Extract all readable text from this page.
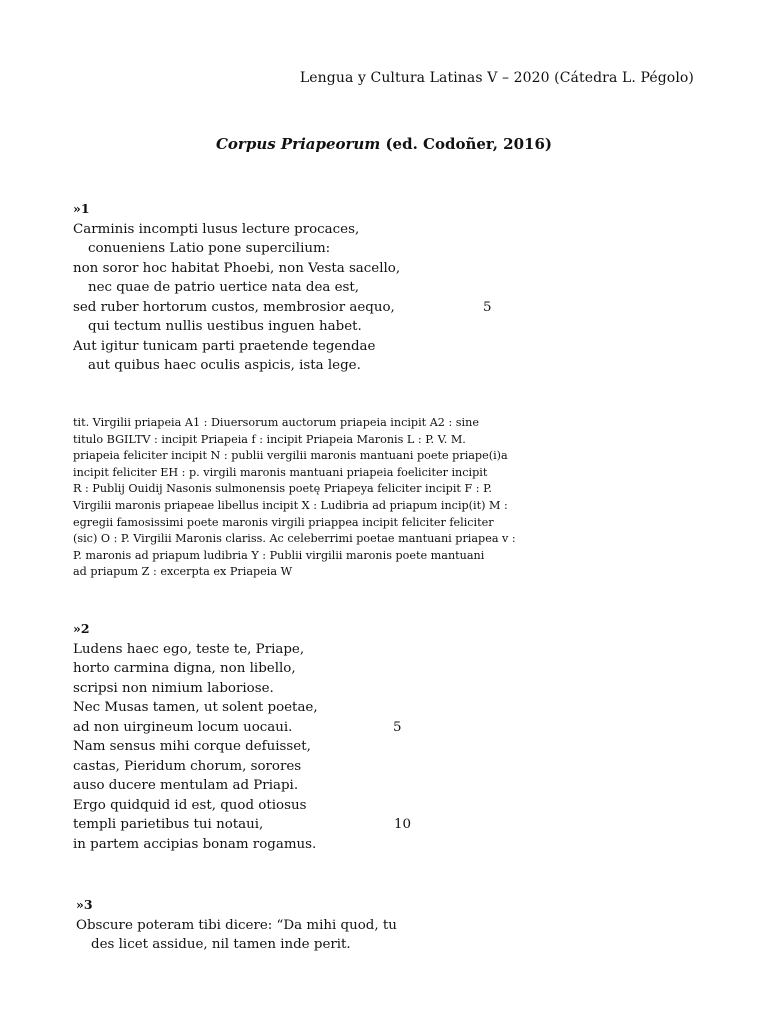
Lengua y Cultura Latinas V – 2020 (Cátedra L. Pégolo)
Corpus Priapeorum (ed. Codoñer, 2016)
»1
Carminis incompti lusus lecture procaces,
conueniens Latio pone supercilium:
non soror hoc habitat Phoebi, non Vesta sacello,
nec quae de patrio uertice nata dea est,
sed ruber hortorum custos, membrosior aequo,	5
qui tectum nullis uestibus inguen habet.
Aut igitur tunicam parti praetende tegendae
aut quibus haec oculis aspicis, ista lege.
tit. Virgilii priapeia A1 : Diuersorum auctorum priapeia incipit A2 : sine
titulo BGILTV : incipit Priapeia f : incipit Priapeia Maronis L : P. V. M.
priapeia feliciter incipit N : publii vergilii maronis mantuani poete priape(i)a
incipit feliciter EH : p. virgili maronis mantuani priapeia foeliciter incipit
R : Publij Ouidij Nasonis sulmonensis poetę Priapeya feliciter incipit F : P.
Virgilii maronis priapeae libellus incipit X : Ludibria ad priapum incip(it) M :
egregii famosissimi poete maronis virgili priappea incipit feliciter feliciter
(sic) O : P. Virgilii Maronis clariss. Ac celeberrimi poetae mantuani priapea v :
P. maronis ad priapum ludibria Y : Publii virgilii maronis poete mantuani
ad priapum Z : excerpta ex Priapeia W
»2
Ludens haec ego, teste te, Priape,
horto carmina digna, non libello,
scripsi non nimium laboriose.
Nec Musas tamen, ut solent poetae,
ad non uirgineum locum uocaui.	5
Nam sensus mihi corque defuisset,
castas, Pieridum chorum, sorores
auso ducere mentulam ad Priapi.
Ergo quidquid id est, quod otiosus
templi parietibus tui notaui,	10
in partem accipias bonam rogamus.
»3
Obscure poteram tibi dicere: “Da mihi quod, tu
des licet assidue, nil tamen inde perit.
